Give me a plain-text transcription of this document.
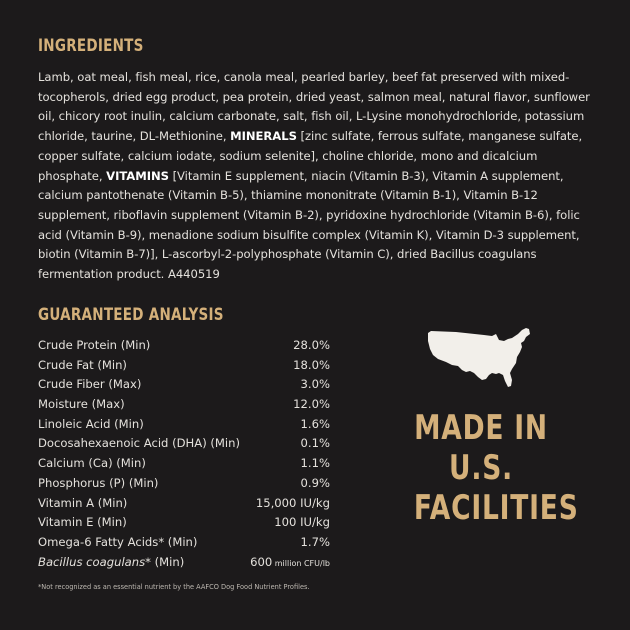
INGREDIENTS
Lamb, oat meal, fish meal, rice, canola meal, pearled barley, beef fat preserved with mixed-tocopherols, dried egg product, pea protein, dried yeast, salmon meal, natural flavor, sunflower oil, chicory root inulin, calcium carbonate, salt, fish oil, L-Lysine monohydrochloride, potassium chloride, taurine, DL-Methionine, MINERALS [zinc sulfate, ferrous sulfate, manganese sulfate, copper sulfate, calcium iodate, sodium selenite], choline chloride, mono and dicalcium phosphate, VITAMINS [Vitamin E supplement, niacin (Vitamin B-3), Vitamin A supplement, calcium pantothenate (Vitamin B-5), thiamine mononitrate (Vitamin B-1), Vitamin B-12 supplement, riboflavin supplement (Vitamin B-2), pyridoxine hydrochloride (Vitamin B-6), folic acid (Vitamin B-9), menadione sodium bisulfite complex (Vitamin K), Vitamin D-3 supplement, biotin (Vitamin B-7)], L-ascorbyl-2-polyphosphate (Vitamin C), dried Bacillus coagulans fermentation product. A440519
GUARANTEED ANALYSIS
Crude Protein (Min)	28.0%
Crude Fat (Min)	18.0%
Crude Fiber (Max)	3.0%
Moisture (Max)	12.0%
Linoleic Acid (Min)	1.6%
Docosahexaenoic Acid (DHA) (Min)	0.1%
Calcium (Ca) (Min)	1.1%
Phosphorus (P) (Min)	0.9%
Vitamin A (Min)	15,000 IU/kg
Vitamin E (Min)	100 IU/kg
Omega-6 Fatty Acids* (Min)	1.7%
Bacillus coagulans* (Min)	600 million CFU/lb
*Not recognized as an essential nutrient by the AAFCO Dog Food Nutrient Profiles.
MADE IN
U.S.
FACILITIES
